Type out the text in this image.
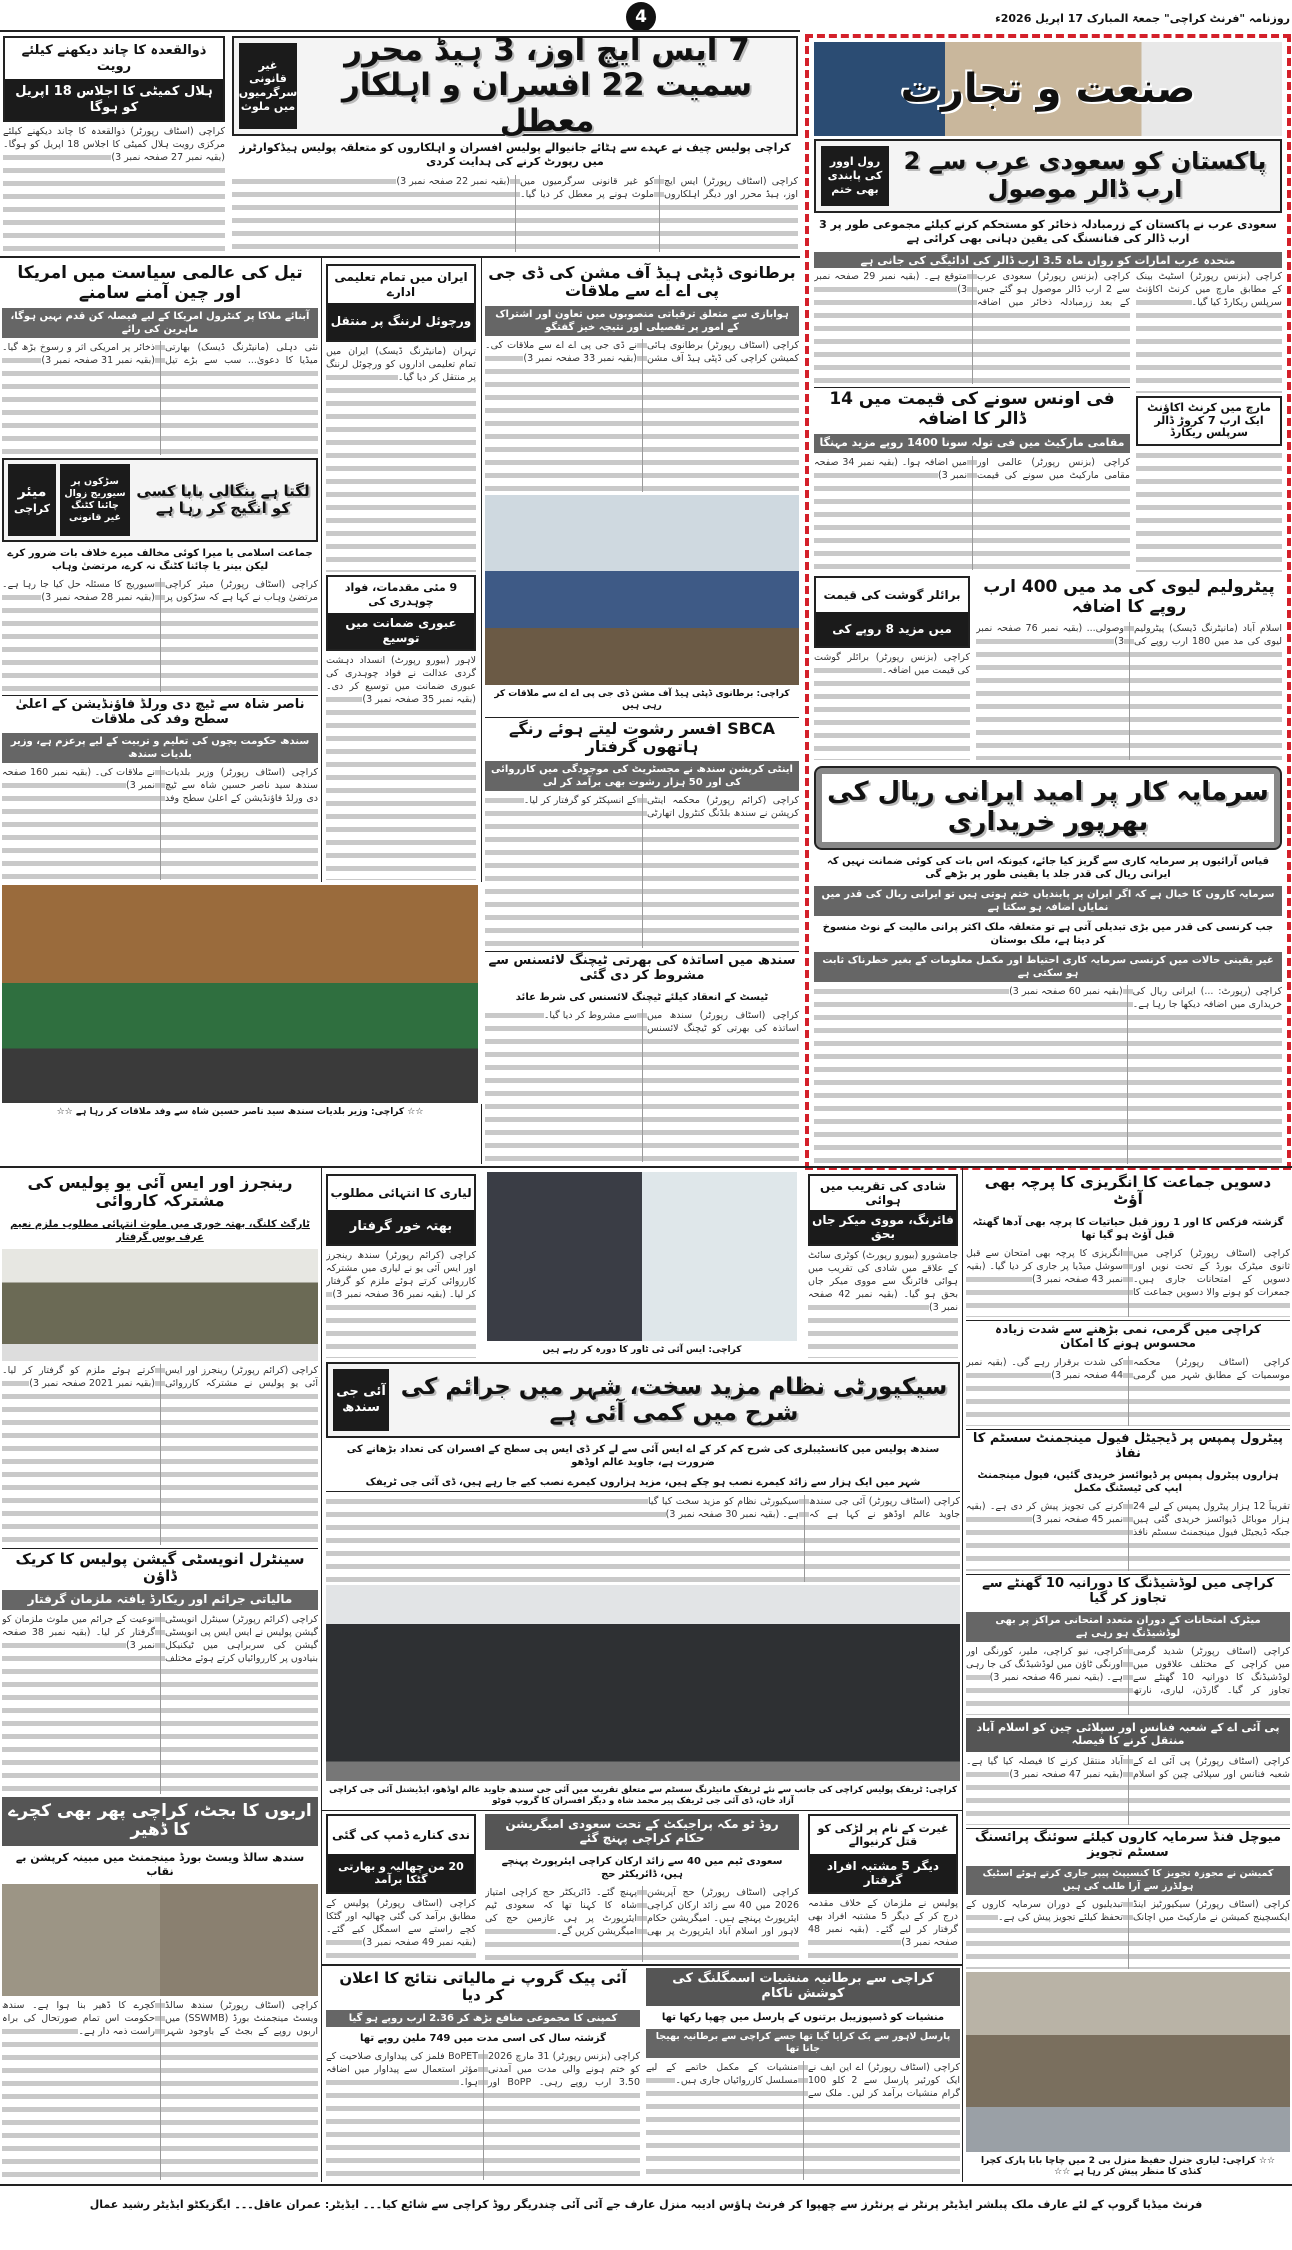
4	روزنامہ "فرنٹ کراچی" جمعۃ المبارک 17 اپریل 2026ء
ذوالقعدہ کا چاند دیکھنے کیلئے رویت
ہلال کمیٹی کا اجلاس 18 اپریل کو ہوگا
کراچی (اسٹاف رپورٹر) ذوالقعدہ کا چاند دیکھنے کیلئے مرکزی رویت ہلال کمیٹی کا اجلاس 18 اپریل کو ہوگا۔ (بقیہ نمبر 27 صفحہ نمبر 3)
7 ایس ایچ اوز، 3 ہیڈ محرر سمیت 22 افسران و اہلکار معطل
غیر قانونی سرگرمیوں میں ملوث
کراچی پولیس چیف نے عہدے سے ہٹائے جانیوالے پولیس افسران و اہلکاروں کو متعلقہ پولیس ہیڈکوارٹرز میں رپورٹ کرنے کی ہدایت کردی
کراچی (اسٹاف رپورٹر) ایس ایچ اوز، ہیڈ محرر اور دیگر اہلکاروں کو غیر قانونی سرگرمیوں میں ملوث ہونے پر معطل کر دیا گیا۔ (بقیہ نمبر 22 صفحہ نمبر 3)
صنعت و تجارت
پاکستان کو سعودی عرب سے 2 ارب ڈالر موصول
رول اوور کی پابندی بھی ختم
سعودی عرب نے پاکستان کے زرمبادلہ ذخائر کو مستحکم کرنے کیلئے مجموعی طور پر 3 ارب ڈالر کی فنانسنگ کی یقین دہانی بھی کرائی ہے
متحدہ عرب امارات کو رواں ماہ 3.5 ارب ڈالر کی ادائیگی کی جانی ہے
کراچی (بزنس رپورٹر) سعودی عرب سے 2 ارب ڈالر موصول ہو گئے جس کے بعد زرمبادلہ ذخائر میں اضافہ متوقع ہے۔ (بقیہ نمبر 29 صفحہ نمبر 3)
فی اونس سونے کی قیمت میں 14 ڈالر کا اضافہ
مقامی مارکیٹ میں فی تولہ سونا 1400 روپے مزید مہنگا
کراچی (بزنس رپورٹر) عالمی اور مقامی مارکیٹ میں سونے کی قیمت میں اضافہ ہوا۔ (بقیہ نمبر 34 صفحہ نمبر 3)
کراچی (بزنس رپورٹر) اسٹیٹ بینک کے مطابق مارچ میں کرنٹ اکاؤنٹ سرپلس ریکارڈ کیا گیا۔
مارچ میں کرنٹ اکاؤنٹ ایک ارب 7 کروڑ ڈالر سرپلس ریکارڈ
برائلر گوشت کی قیمت
میں مزید 8 روپے کی
کراچی (بزنس رپورٹر) برائلر گوشت کی قیمت میں اضافہ۔
پیٹرولیم لیوی کی مد میں 400 ارب روپے کا اضافہ
اسلام آباد (مانیٹرنگ ڈیسک) پیٹرولیم لیوی کی مد میں 180 ارب روپے کی وصولی... (بقیہ نمبر 76 صفحہ نمبر 3)
سرمایہ کار پر امید ایرانی ریال کی بھرپور خریداری
قیاس آرائیوں پر سرمایہ کاری سے گریز کیا جائے، کیونکہ اس بات کی کوئی ضمانت نہیں کہ ایرانی ریال کی قدر جلد یا یقینی طور پر بڑھے گی
سرمایہ کاروں کا خیال ہے کہ اگر ایران پر پابندیاں ختم ہوتی ہیں تو ایرانی ریال کی قدر میں نمایاں اضافہ ہو سکتا ہے
جب کرنسی کی قدر میں بڑی تبدیلی آتی ہے تو متعلقہ ملک اکثر پرانی مالیت کے نوٹ منسوخ کر دیتا ہے، ملک بوستان
غیر یقینی حالات میں کرنسی سرمایہ کاری احتیاط اور مکمل معلومات کے بغیر خطرناک ثابت ہو سکتی ہے
کراچی (رپورٹ: ...) ایرانی ریال کی خریداری میں اضافہ دیکھا جا رہا ہے۔ (بقیہ نمبر 60 صفحہ نمبر 3)
تیل کی عالمی سیاست میں امریکا اور چین آمنے سامنے
آبنائے ملاکا پر کنٹرول امریکا کے لیے فیصلہ کن قدم نہیں ہوگا، ماہرین کی رائے
نئی دہلی (مانیٹرنگ ڈیسک) بھارتی میڈیا کا دعویٰ... سب سے بڑے تیل ذخائر پر امریکی اثر و رسوخ بڑھ گیا۔ (بقیہ نمبر 31 صفحہ نمبر 3)
لگتا ہے بنگالی بابا کسی کو انگیج کر رہا ہے
سڑکوں پر سیوریج زوال
چائنا کٹنگ غیر قانونی
میئر
کراچی
جماعت اسلامی یا میرا کوئی مخالف میرے خلاف بات ضرور کرے لیکن بینر یا چائنا کٹنگ نہ کرے، مرتضیٰ وہاب
کراچی (اسٹاف رپورٹر) میئر کراچی مرتضیٰ وہاب نے کہا ہے کہ سڑکوں پر سیوریج کا مسئلہ حل کیا جا رہا ہے۔ (بقیہ نمبر 28 صفحہ نمبر 3)
ناصر شاہ سے ٹیچ دی ورلڈ فاؤنڈیشن کے اعلیٰ سطح وفد کی ملاقات
سندھ حکومت بچوں کی تعلیم و تربیت کے لیے پرعزم ہے، وزیر بلدیات سندھ
کراچی (اسٹاف رپورٹر) وزیر بلدیات سندھ سید ناصر حسین شاہ سے ٹیچ دی ورلڈ فاؤنڈیشن کے اعلیٰ سطح وفد نے ملاقات کی۔ (بقیہ نمبر 160 صفحہ نمبر 3)
ایران میں تمام تعلیمی ادارے
ورچوئل لرننگ پر منتقل
تہران (مانیٹرنگ ڈیسک) ایران میں تمام تعلیمی اداروں کو ورچوئل لرننگ پر منتقل کر دیا گیا۔
9 مئی مقدمات، فواد چوہدری کی
عبوری ضمانت میں توسیع
لاہور (بیورو رپورٹ) انسداد دہشت گردی عدالت نے فواد چوہدری کی عبوری ضمانت میں توسیع کر دی۔ (بقیہ نمبر 35 صفحہ نمبر 3)
☆☆ کراچی: وزیر بلدیات سندھ سید ناصر حسین شاہ سے وفد ملاقات کر رہا ہے ☆☆
برطانوی ڈپٹی ہیڈ آف مشن کی ڈی جی پی اے اے سے ملاقات
ہوابازی سے متعلق ترقیاتی منصوبوں میں تعاون اور اشتراک کے امور پر تفصیلی اور نتیجہ خیز گفتگو
کراچی (اسٹاف رپورٹر) برطانوی ہائی کمیشن کراچی کی ڈپٹی ہیڈ آف مشن نے ڈی جی پی اے اے سے ملاقات کی۔ (بقیہ نمبر 33 صفحہ نمبر 3)
کراچی: برطانوی ڈپٹی ہیڈ آف مشن ڈی جی پی اے اے سے ملاقات کر رہی ہیں
SBCA افسر رشوت لیتے ہوئے رنگے ہاتھوں گرفتار
اینٹی کرپشن سندھ نے مجسٹریٹ کی موجودگی میں کارروائی کی اور 50 ہزار رشوت بھی برآمد کر لی
کراچی (کرائم رپورٹر) محکمہ اینٹی کرپشن نے سندھ بلڈنگ کنٹرول اتھارٹی کے انسپکٹر کو گرفتار کر لیا۔
سندھ میں اساتذہ کی بھرتی ٹیچنگ لائسنس سے مشروط کر دی گئی
ٹیسٹ کے انعقاد کیلئے ٹیچنگ لائسنس کی شرط عائد
کراچی (اسٹاف رپورٹر) سندھ میں اساتذہ کی بھرتی کو ٹیچنگ لائسنس سے مشروط کر دیا گیا۔
رینجرز اور ایس آئی یو پولیس کی مشترکہ کاروائی
ٹارگٹ کلنگ، بھتہ خوری میں ملوث انتہائی مطلوب ملزم نعیم عرف بوس گرفتار
کراچی (کرائم رپورٹر) رینجرز اور ایس آئی یو پولیس نے مشترکہ کارروائی کرتے ہوئے ملزم کو گرفتار کر لیا۔ (بقیہ نمبر 2021 صفحہ نمبر 3)
سینٹرل انویسٹی گیشن پولیس کا کریک ڈاؤن
مالیاتی جرائم اور ریکارڈ یافتہ ملزمان گرفتار
کراچی (کرائم رپورٹر) سینٹرل انویسٹی گیشن پولیس نے ایس ایس پی انویسٹی گیشن کی سربراہی میں ٹیکنیکل بنیادوں پر کارروائیاں کرتے ہوئے مختلف نوعیت کے جرائم میں ملوث ملزمان کو گرفتار کر لیا۔ (بقیہ نمبر 38 صفحہ نمبر 3)
اربوں کا بجٹ، کراچی پھر بھی کچرے کا ڈھیر
سندھ سالڈ ویسٹ بورڈ مینجمنٹ میں مبینہ کرپشن بے نقاب
کراچی (اسٹاف رپورٹر) سندھ سالڈ ویسٹ مینجمنٹ بورڈ (SSWMB) میں اربوں روپے کے بجٹ کے باوجود شہر کچرے کا ڈھیر بنا ہوا ہے۔ سندھ حکومت اس تمام صورتحال کی براہ راست ذمہ دار ہے۔
لیاری کا انتہائی مطلوب
بھتہ خور گرفتار
کراچی (کرائم رپورٹر) سندھ رینجرز اور ایس آئی یو نے لیاری میں مشترکہ کارروائی کرتے ہوئے ملزم کو گرفتار کر لیا۔ (بقیہ نمبر 36 صفحہ نمبر 3)
کراچی: ایس آئی ٹی ٹاور کا دورہ کر رہے ہیں
شادی کی تقریب میں ہوائی
فائرنگ، مووی میکر جاں بحق
جامشورو (بیورو رپورٹ) کوٹری سائٹ کے علاقے میں شادی کی تقریب میں ہوائی فائرنگ سے مووی میکر جاں بحق ہو گیا۔ (بقیہ نمبر 42 صفحہ نمبر 3)
دسویں جماعت کا انگریزی کا پرچہ بھی آؤٹ
گزشتہ فزکس کا اور 1 روز قبل حیاتیات کا پرچہ بھی آدھا گھنٹہ قبل آؤٹ ہو گیا تھا
کراچی (اسٹاف رپورٹر) کراچی میں ثانوی میٹرک بورڈ کے تحت نویں اور دسویں کے امتحانات جاری ہیں۔ جمعرات کو ہونے والا دسویں جماعت کا انگریزی کا پرچہ بھی امتحان سے قبل سوشل میڈیا پر جاری کر دیا گیا۔ (بقیہ نمبر 43 صفحہ نمبر 3)
کراچی میں گرمی، نمی بڑھنے سے شدت زیادہ محسوس ہونے کا امکان
کراچی (اسٹاف رپورٹر) محکمہ موسمیات کے مطابق شہر میں گرمی کی شدت برقرار رہے گی۔ (بقیہ نمبر 44 صفحہ نمبر 3)
پیٹرول پمپس پر ڈیجیٹل فیول مینجمنٹ سسٹم کا نفاذ
ہزاروں پیٹرول پمپس پر ڈیوائسز خریدی گئیں، فیول مینجمنٹ ایپ کی ٹیسٹنگ مکمل
تقریباً 12 ہزار پیٹرول پمپس کے لیے 24 ہزار موبائل ڈیوائسز خریدی گئی ہیں جبکہ ڈیجیٹل فیول مینجمنٹ سسٹم نافذ کرنے کی تجویز پیش کر دی ہے۔ (بقیہ نمبر 45 صفحہ نمبر 3)
کراچی میں لوڈشیڈنگ کا دورانیہ 10 گھنٹے سے تجاوز کر گیا
میٹرک امتحانات کے دوران متعدد امتحانی مراکز پر بھی لوڈشیڈنگ ہو رہی ہے
کراچی (اسٹاف رپورٹر) شدید گرمی میں کراچی کے مختلف علاقوں میں لوڈشیڈنگ کا دورانیہ 10 گھنٹے سے تجاوز کر گیا۔ گارڈن، لیاری، نارتھ کراچی، نیو کراچی، ملیر، کورنگی اور اورنگی ٹاؤن میں لوڈشیڈنگ کی جا رہی ہے۔ (بقیہ نمبر 46 صفحہ نمبر 3)
پی آئی اے کے شعبہ فنانس اور سپلائی چین کو اسلام آباد منتقل کرنے کا فیصلہ
کراچی (اسٹاف رپورٹر) پی آئی اے کے شعبہ فنانس اور سپلائی چین کو اسلام آباد منتقل کرنے کا فیصلہ کیا گیا ہے۔ (بقیہ نمبر 47 صفحہ نمبر 3)
میوچل فنڈ سرمایہ کاروں کیلئے سوئنگ پرائسنگ سسٹم تجویز
کمیشن نے مجوزہ تجویز کا کنسیپٹ پیپر جاری کرتے ہوئے اسٹیک ہولڈرز سے آرا طلب کی ہیں
کراچی (اسٹاف رپورٹر) سیکیورٹیز اینڈ ایکسچینج کمیشن نے مارکیٹ میں اچانک تبدیلیوں کے دوران سرمایہ کاروں کے تحفظ کیلئے تجویز پیش کی ہے۔
☆☆ کراچی: لیاری جنرل حفیظ منزل بی 2 میں چاچا بابا پارک کچرا کنڈی کا منظر پیش کر رہا ہے ☆☆
سیکیورٹی نظام مزید سخت، شہر میں جرائم کی شرح میں کمی آئی ہے
آئی جی
سندھ
سندھ پولیس میں کانسٹیبلری کی شرح کم کر کے اے ایس آئی سے لے کر ڈی ایس پی سطح کے افسران کی تعداد بڑھانے کی ضرورت ہے، جاوید عالم اوڈھو
شہر میں ایک ہزار سے زائد کیمرے نصب ہو چکے ہیں، مزید ہزاروں کیمرے نصب کیے جا رہے ہیں، ڈی آئی جی ٹریفک
کراچی (اسٹاف رپورٹر) آئی جی سندھ جاوید عالم اوڈھو نے کہا ہے کہ سیکیورٹی نظام کو مزید سخت کیا گیا ہے۔ (بقیہ نمبر 30 صفحہ نمبر 3)
کراچی: ٹریفک پولیس کراچی کی جانب سے نئے ٹریفک مانیٹرنگ سسٹم سے متعلق تقریب میں آئی جی سندھ جاوید عالم اوڈھو، ایڈیشنل آئی جی کراچی آزاد خان، ڈی آئی جی ٹریفک پیر محمد شاہ و دیگر افسران کا گروپ فوٹو
ندی کنارے ڈمپ کی گئی
20 من چھالیہ و بھارتی گٹکا برآمد
کراچی (اسٹاف رپورٹر) پولیس کے مطابق برآمد کی گئی چھالیہ اور گٹکا کچے راستے سے اسمگل کیے گئے۔ (بقیہ نمبر 49 صفحہ نمبر 3)
روڈ ٹو مکہ پراجیکٹ کے تحت سعودی امیگریشن حکام کراچی پہنچ گئے
سعودی ٹیم میں 40 سے زائد ارکان کراچی ایئرپورٹ پہنچے ہیں، ڈائریکٹر حج
کراچی (اسٹاف رپورٹر) حج آپریشن 2026 میں 40 سے زائد ارکان کراچی ایئرپورٹ پہنچے ہیں۔ امیگریشن حکام لاہور اور اسلام آباد ایئرپورٹ پر بھی پہنچ گئے۔ ڈائریکٹر حج کراچی امتیاز شاہ کا کہنا تھا کہ سعودی ٹیم ایئرپورٹ پر ہی عازمین حج کی امیگریشن کریں گے۔
غیرت کے نام پر لڑکی کو قتل کرنیوالے
دیگر 5 مشتبہ افراد گرفتار
پولیس نے ملزمان کے خلاف مقدمہ درج کر کے دیگر 5 مشتبہ افراد بھی گرفتار کر لیے گئے۔ (بقیہ نمبر 48 صفحہ نمبر 3)
آئی پیک گروپ نے مالیاتی نتائج کا اعلان کر دیا
کمپنی کا مجموعی منافع بڑھ کر 2.36 ارب روپے ہو گیا
گزشتہ سال کی اسی مدت میں 749 ملین روپے تھا
کراچی (بزنس رپورٹر) 31 مارچ 2026 کو ختم ہونے والی مدت میں آمدنی 3.50 ارب روپے رہی۔ BoPP اور BoPET فلمز کی پیداواری صلاحیت کے مؤثر استعمال سے پیداوار میں اضافہ ہوا۔
کراچی سے برطانیہ منشیات اسمگلنگ کی کوشش ناکام
منشیات کو ڈسپوزیبل برتنوں کے پارسل میں چھپا رکھا تھا
پارسل لاہور سے بک کرایا گیا تھا جسے کراچی سے برطانیہ بھیجا جانا تھا
کراچی (اسٹاف رپورٹر) اے این ایف نے ایک کورئیر پارسل سے 2 کلو 100 گرام منشیات برآمد کر لیں۔ ملک سے منشیات کے مکمل خاتمے کے لیے مسلسل کارروائیاں جاری ہیں۔
فرنٹ میڈیا گروپ کے لئے عارف ملک پبلشر ایڈیٹر پرنٹر نے پرنٹرز سے چھپوا کر فرنٹ ہاؤس ادیبہ منزل عارف جے آئی آئی چندریگر روڈ کراچی سے شائع کیا۔۔۔ ایڈیٹر: عمران عاقل۔۔۔ ایگزیکٹو ایڈیٹر رشید عمال
